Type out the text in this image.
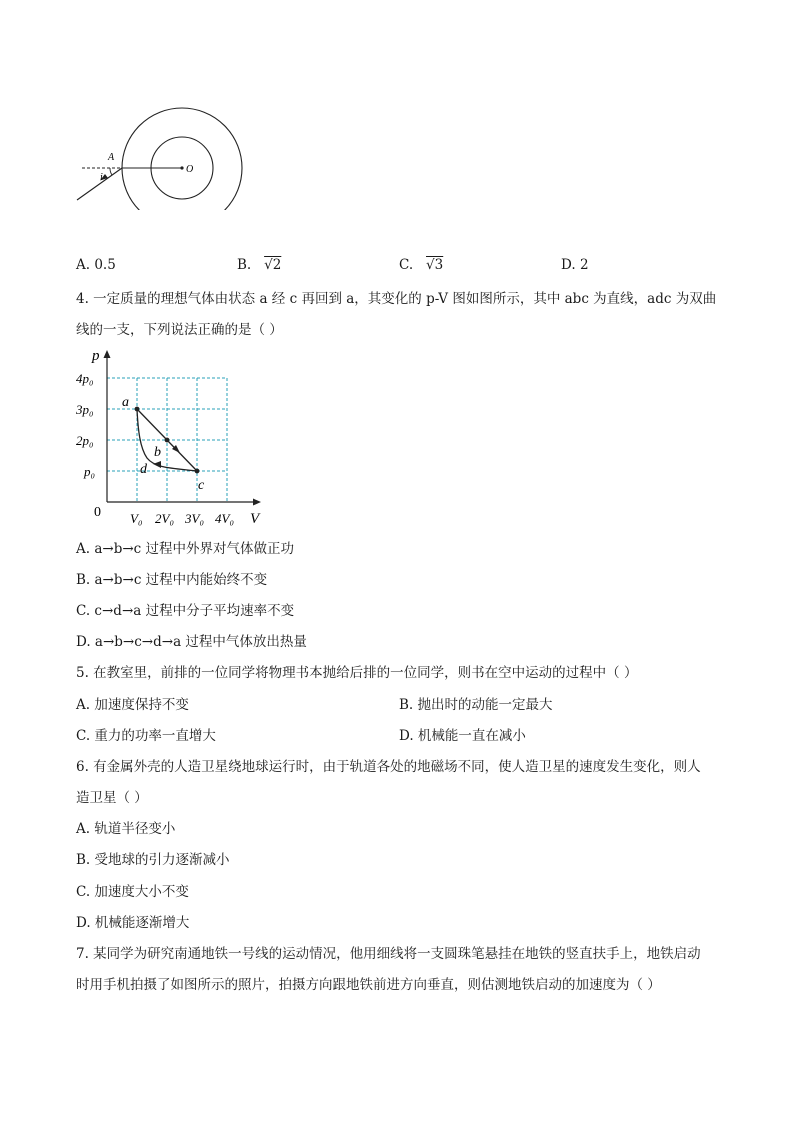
A
i
O
A. 0.5	B. √2	C. √3	D. 2
4. 一定质量的理想气体由状态 a 经 c 再回到 a，其变化的 p-V 图如图所示，其中 abc 为直线，adc 为双曲
线的一支，下列说法正确的是（ ）
a
b
c
d
p
V
0
4p₀
3p₀
2p₀
p₀
V₀ 2V₀ 3V₀ 4V₀
A. a→b→c 过程中外界对气体做正功
B. a→b→c 过程中内能始终不变
C. c→d→a 过程中分子平均速率不变
D. a→b→c→d→a 过程中气体放出热量
5. 在教室里，前排的一位同学将物理书本抛给后排的一位同学，则书在空中运动的过程中（ ）
A. 加速度保持不变	B. 抛出时的动能一定最大
C. 重力的功率一直增大	D. 机械能一直在减小
6. 有金属外壳的人造卫星绕地球运行时，由于轨道各处的地磁场不同，使人造卫星的速度发生变化，则人
造卫星（ ）
A. 轨道半径变小
B. 受地球的引力逐渐减小
C. 加速度大小不变
D. 机械能逐渐增大
7. 某同学为研究南通地铁一号线的运动情况，他用细线将一支圆珠笔悬挂在地铁的竖直扶手上，地铁启动
时用手机拍摄了如图所示的照片，拍摄方向跟地铁前进方向垂直，则估测地铁启动的加速度为（ ）
